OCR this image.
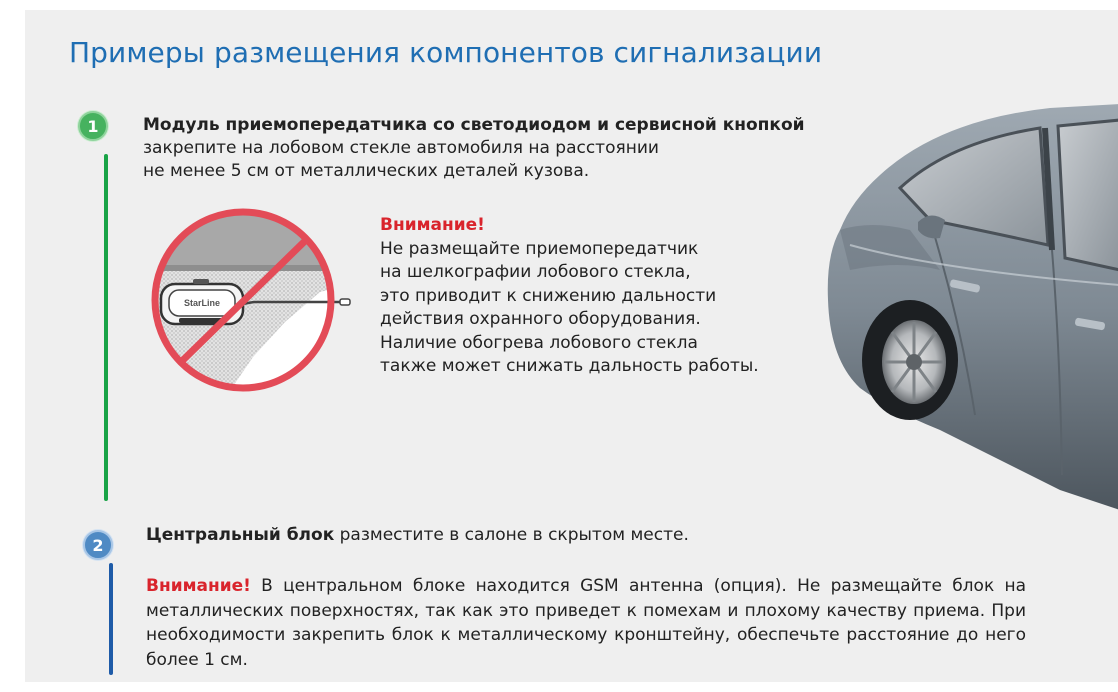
Примеры размещения компонентов сигнализации
1	Модуль приемопередатчика со светодиодом и сервисной кнопкой
закрепите на лобовом стекле автомобиля на расстоянии
не менее 5 см от металлических деталей кузова.
StarLine
Внимание!
Не размещайте приемопередатчик
на шелкографии лобового стекла,
это приводит к снижению дальности
действия охранного оборудования.
Наличие обогрева лобового стекла
также может снижать дальность работы.
2	Центральный блок разместите в салоне в скрытом месте.
Внимание! В центральном блоке находится GSM антенна (опция). Не размещайте блок на металлических поверхностях, так как это приведет к помехам и плохому качеству приема. При необходимости закрепить блок к металлическому кронштейну, обеспечьте расстояние до него более 1 см.
